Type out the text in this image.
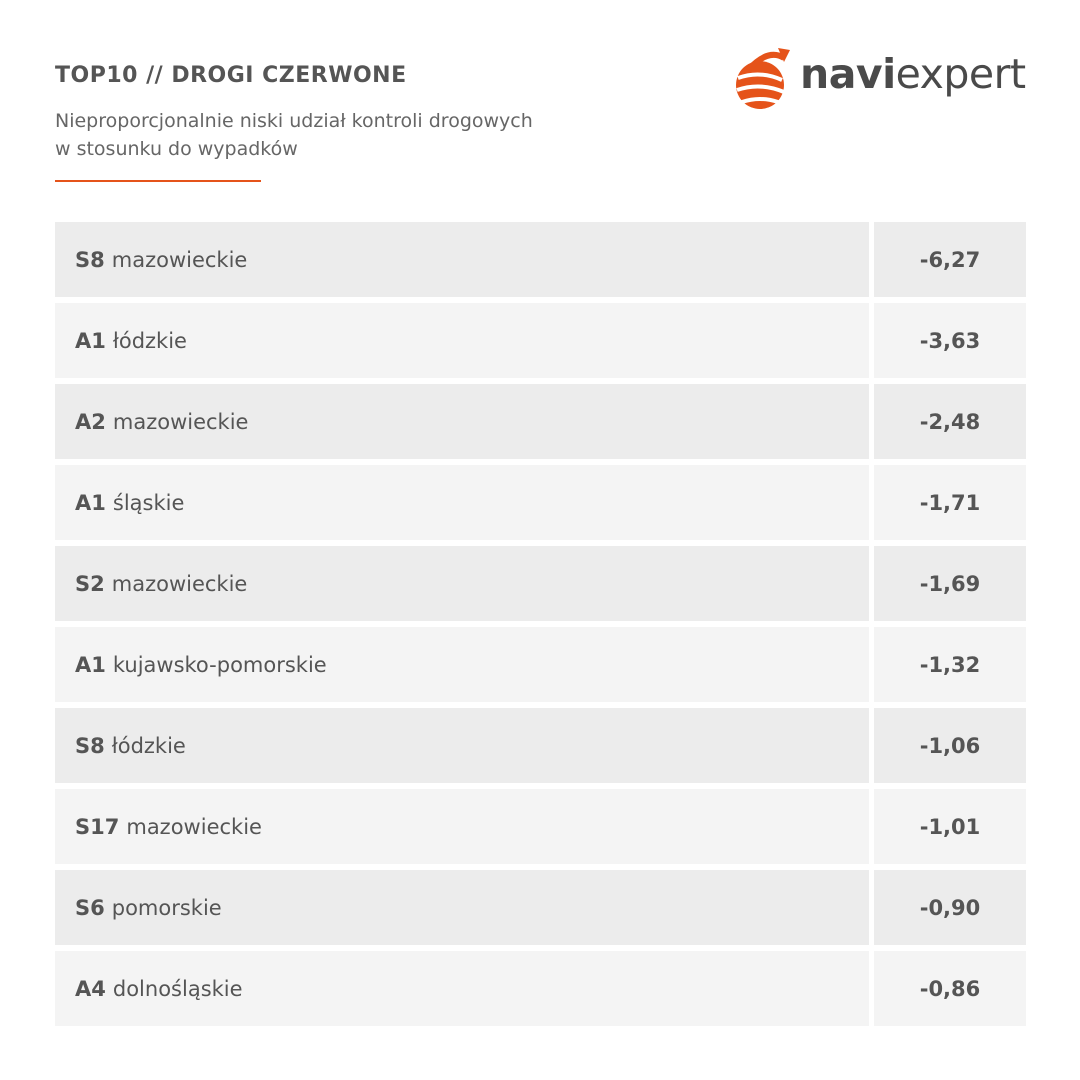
TOP10 // DROGI CZERWONE

Nieproporcjonalnie niski udział kontroli drogowych
w stosunku do wypadków

naviexpert
S8 mazowieckie	-6,27
A1 łódzkie	-3,63
A2 mazowieckie	-2,48
A1 śląskie	-1,71
S2 mazowieckie	-1,69
A1 kujawsko-pomorskie	-1,32
S8 łódzkie	-1,06
S17 mazowieckie	-1,01
S6 pomorskie	-0,90
A4 dolnośląskie	-0,86
